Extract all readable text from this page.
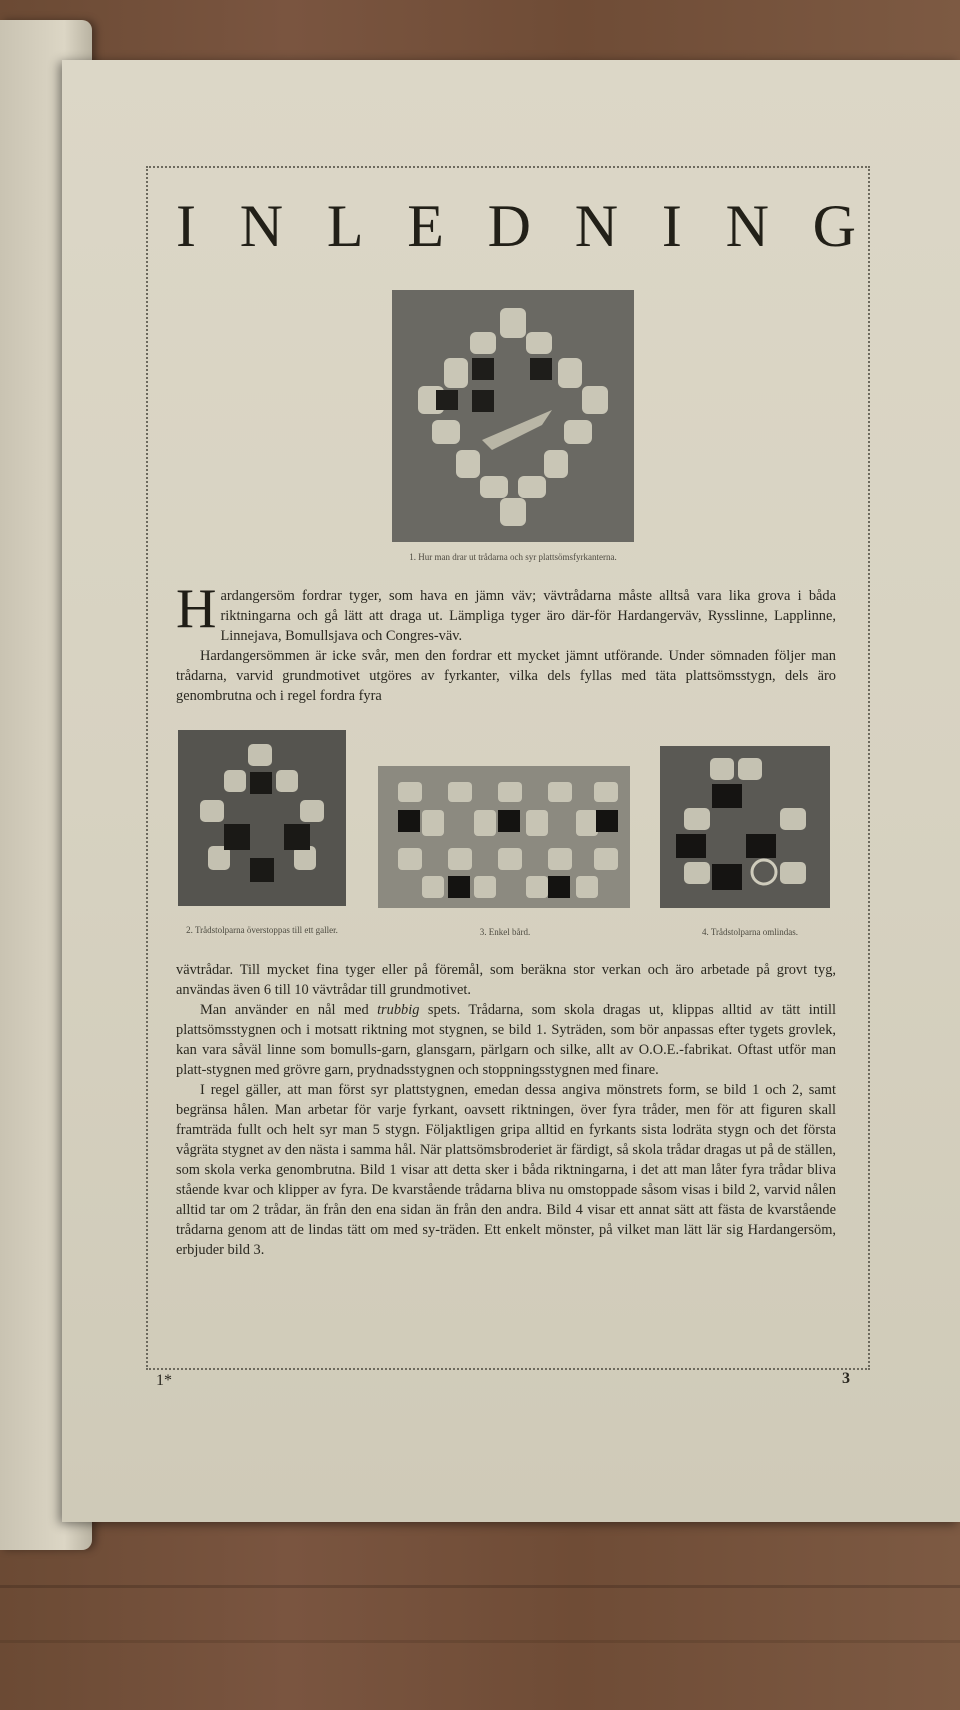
I N L E D N I N G
1. Hur man drar ut trådarna och syr plattsömsfyrkanterna.

Hardangersöm fordrar tyger, som hava en jämn väv; vävtrådarna måste alltså vara lika grova i båda riktningarna och gå lätt att draga ut. Lämpliga tyger äro där-för Hardangerväv, Rysslinne, Lapplinne, Linnejava, Bomullsjava och Congres-väv.

Hardangersömmen är icke svår, men den fordrar ett mycket jämnt utförande. Under sömnaden följer man trådarna, varvid grundmotivet utgöres av fyrkanter, vilka dels fyllas med täta plattsömsstygn, dels äro genombrutna och i regel fordra fyra

2. Trådstolparna överstoppas till ett galler.	3. Enkel bård.	4. Trådstolparna omlindas.

vävtrådar. Till mycket fina tyger eller på föremål, som beräkna stor verkan och äro arbetade på grovt tyg, användas även 6 till 10 vävtrådar till grundmotivet.

Man använder en nål med trubbig spets. Trådarna, som skola dragas ut, klippas alltid av tätt intill plattsömsstygnen och i motsatt riktning mot stygnen, se bild 1. Syträden, som bör anpassas efter tygets grovlek, kan vara såväl linne som bomulls-garn, glansgarn, pärlgarn och silke, allt av O.O.E.-fabrikat. Oftast utför man platt-stygnen med grövre garn, prydnadsstygnen och stoppningsstygnen med finare.

I regel gäller, att man först syr plattstygnen, emedan dessa angiva mönstrets form, se bild 1 och 2, samt begränsa hålen. Man arbetar för varje fyrkant, oavsett riktningen, över fyra tråder, men för att figuren skall framträda fullt och helt syr man 5 stygn. Följaktligen gripa alltid en fyrkants sista lodräta stygn och det första vågräta stygnet av den nästa i samma hål. När plattsömsbroderiet är färdigt, så skola trådar dragas ut på de ställen, som skola verka genombrutna. Bild 1 visar att detta sker i båda riktningarna, i det att man låter fyra trådar bliva stående kvar och klipper av fyra. De kvarstående trådarna bliva nu omstoppade såsom visas i bild 2, varvid nålen alltid tar om 2 trådar, än från den ena sidan än från den andra. Bild 4 visar ett annat sätt att fästa de kvarstående trådarna genom att de lindas tätt om med sy-träden. Ett enkelt mönster, på vilket man lätt lär sig Hardangersöm, erbjuder bild 3.

1*	3
